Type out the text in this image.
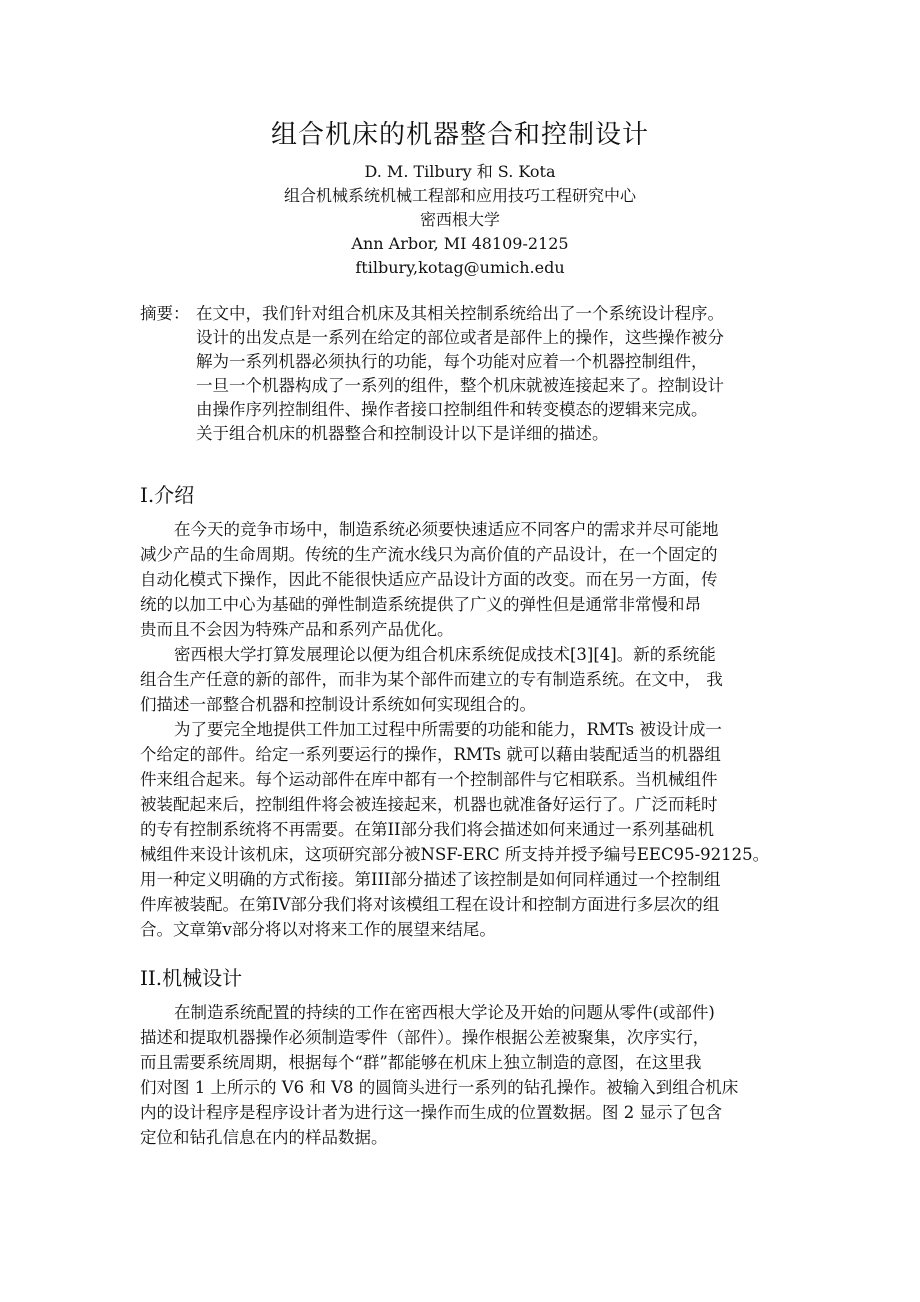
组合机床的机器整合和控制设计
D. M. Tilbury 和 S. Kota
组合机械系统机械工程部和应用技巧工程研究中心
密西根大学
Ann Arbor, MI 48109-2125
ftilbury,kotag@umich.edu
摘要： 在文中，我们针对组合机床及其相关控制系统给出了一个系统设计程序。
设计的出发点是一系列在给定的部位或者是部件上的操作，这些操作被分
解为一系列机器必须执行的功能，每个功能对应着一个机器控制组件，
一旦一个机器构成了一系列的组件，整个机床就被连接起来了。控制设计
由操作序列控制组件、操作者接口控制组件和转变模态的逻辑来完成。
关于组合机床的机器整合和控制设计以下是详细的描述。
I.介绍
在今天的竞争市场中，制造系统必须要快速适应不同客户的需求并尽可能地
减少产品的生命周期。传统的生产流水线只为高价值的产品设计，在一个固定的
自动化模式下操作，因此不能很快适应产品设计方面的改变。而在另一方面，传
统的以加工中心为基础的弹性制造系统提供了广义的弹性但是通常非常慢和昂
贵而且不会因为特殊产品和系列产品优化。
密西根大学打算发展理论以便为组合机床系统促成技术[3][4]。新的系统能
组合生产任意的新的部件，而非为某个部件而建立的专有制造系统。在文中， 我
们描述一部整合机器和控制设计系统如何实现组合的。
为了要完全地提供工件加工过程中所需要的功能和能力，RMTs 被设计成一
个给定的部件。给定一系列要运行的操作，RMTs 就可以藉由装配适当的机器组
件来组合起来。每个运动部件在库中都有一个控制部件与它相联系。当机械组件
被装配起来后，控制组件将会被连接起来，机器也就准备好运行了。广泛而耗时
的专有控制系统将不再需要。在第II部分我们将会描述如何来通过一系列基础机
械组件来设计该机床，这项研究部分被NSF-ERC 所支持并授予编号EEC95-92125。
用一种定义明确的方式衔接。第III部分描述了该控制是如何同样通过一个控制组
件库被装配。在第IV部分我们将对该模组工程在设计和控制方面进行多层次的组
合。文章第v部分将以对将来工作的展望来结尾。
II.机械设计
在制造系统配置的持续的工作在密西根大学论及开始的问题从零件(或部件)
描述和提取机器操作必须制造零件（部件）。操作根据公差被聚集，次序实行，
而且需要系统周期，根据每个“群”都能够在机床上独立制造的意图，在这里我
们对图 1 上所示的 V6 和 V8 的圆筒头进行一系列的钻孔操作。被输入到组合机床
内的设计程序是程序设计者为进行这一操作而生成的位置数据。图 2 显示了包含
定位和钻孔信息在内的样品数据。
